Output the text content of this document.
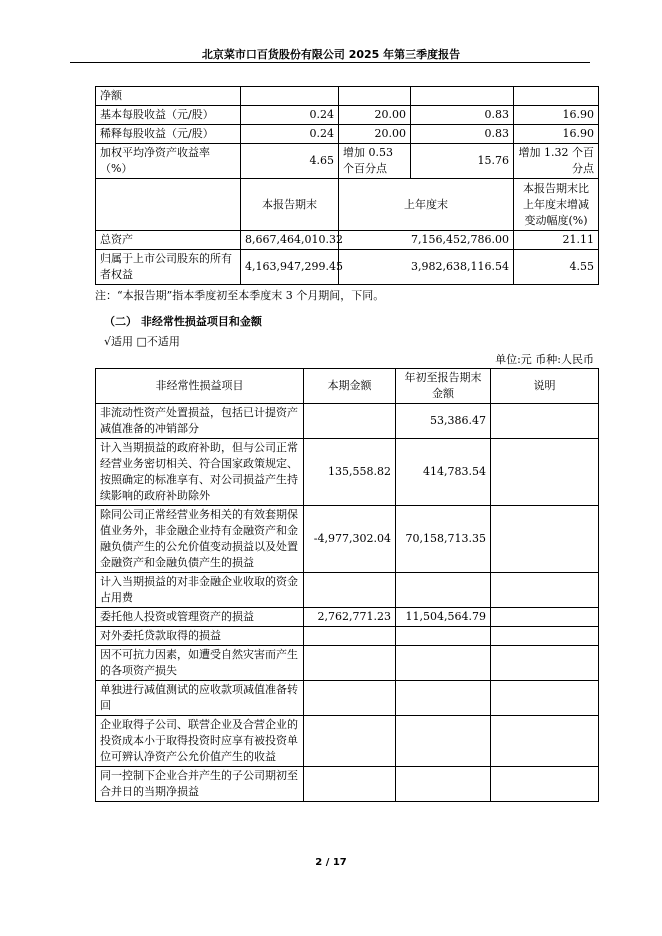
北京菜市口百货股份有限公司 2025 年第三季度报告
净额				
基本每股收益（元/股）	0.24	20.00	0.83	16.90
稀释每股收益（元/股）	0.24	20.00	0.83	16.90
加权平均净资产收益率（%）	4.65	增加 0.53 个百分点	15.76	增加 1.32 个百分点
	本报告期末	上年度末		本报告期末比上年度末增减变动幅度(%)
总资产	8,667,464,010.32	7,156,452,786.00		21.11
归属于上市公司股东的所有者权益	4,163,947,299.45	3,982,638,116.54		4.55
注：“本报告期”指本季度初至本季度末 3 个月期间，下同。
（二） 非经常性损益项目和金额
√适用 □不适用
单位:元 币种:人民币
非经常性损益项目	本期金额	年初至报告期末金额	说明
非流动性资产处置损益，包括已计提资产减值准备的冲销部分		53,386.47	
计入当期损益的政府补助，但与公司正常经营业务密切相关、符合国家政策规定、按照确定的标准享有、对公司损益产生持续影响的政府补助除外	135,558.82	414,783.54	
除同公司正常经营业务相关的有效套期保值业务外，非金融企业持有金融资产和金融负债产生的公允价值变动损益以及处置金融资产和金融负债产生的损益	-4,977,302.04	70,158,713.35	
计入当期损益的对非金融企业收取的资金占用费			
委托他人投资或管理资产的损益	2,762,771.23	11,504,564.79	
对外委托贷款取得的损益			
因不可抗力因素，如遭受自然灾害而产生的各项资产损失			
单独进行减值测试的应收款项减值准备转回			
企业取得子公司、联营企业及合营企业的投资成本小于取得投资时应享有被投资单位可辨认净资产公允价值产生的收益			
同一控制下企业合并产生的子公司期初至合并日的当期净损益			
2 / 17
